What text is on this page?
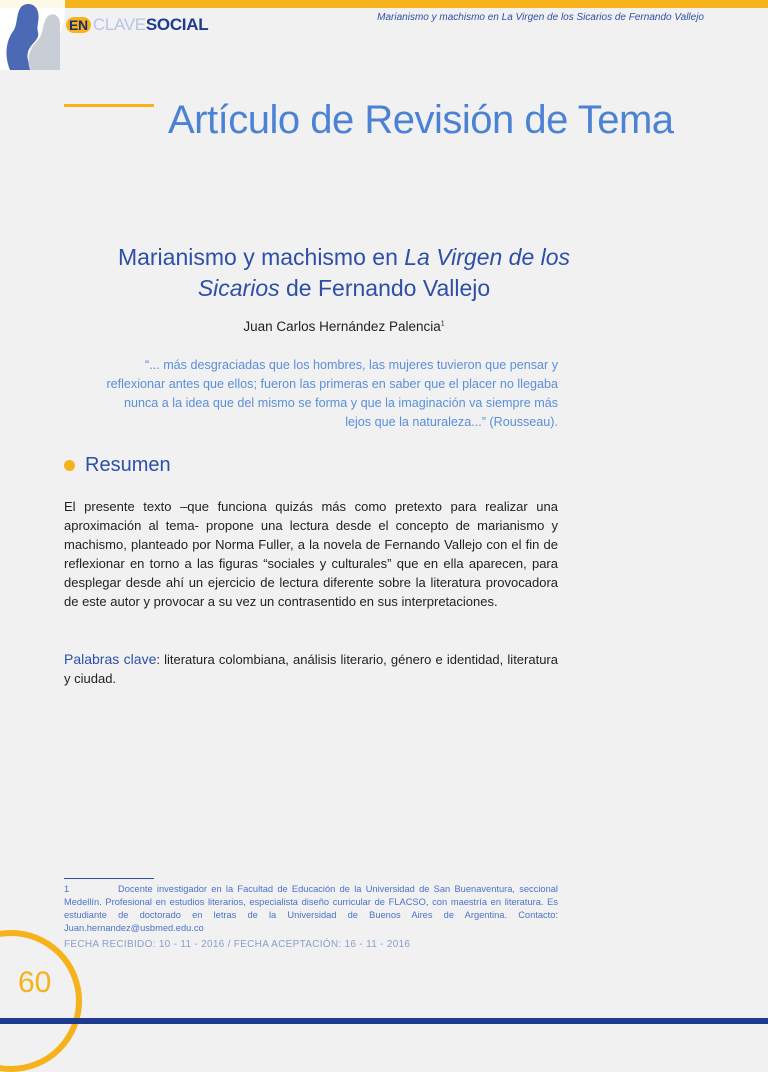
EN CLAVE SOCIAL	Marianismo y machismo en La Virgen de los Sicarios de Fernando Vallejo
Artículo de Revisión de Tema
Marianismo y machismo en La Virgen de los
Sicarios de Fernando Vallejo
Juan Carlos Hernández Palencia$^1$
“... más desgraciadas que los hombres, las mujeres tuvieron que pensar y reflexionar antes que ellos; fueron las primeras en saber que el placer no llegaba nunca a la idea que del mismo se forma y que la imaginación va siempre más lejos que la naturaleza...” (Rousseau).
Resumen

El presente texto –que funciona quizás más como pretexto para realizar una aproximación al tema- propone una lectura desde el concepto de marianismo y machismo, planteado por Norma Fuller, a la novela de Fernando Vallejo con el fin de reflexionar en torno a las figuras “sociales y culturales” que en ella aparecen, para desplegar desde ahí un ejercicio de lectura diferente sobre la literatura provocadora de este autor y provocar a su vez un contrasentido en sus interpretaciones.

Palabras clave: literatura colombiana, análisis literario, género e identidad, literatura y ciudad.

1	Docente investigador en la Facultad de Educación de la Universidad de San Buenaventura, seccional Medellín. Profesional en estudios literarios, especialista diseño curricular de FLACSO, con maestría en literatura. Es estudiante de doctorado en letras de la Universidad de Buenos Aires de Argentina. Contacto: Juan.hernandez@usbmed.edu.co

FECHA RECIBIDO: 10 - 11 - 2016 / FECHA ACEPTACIÓN: 16 - 11 - 2016
60
